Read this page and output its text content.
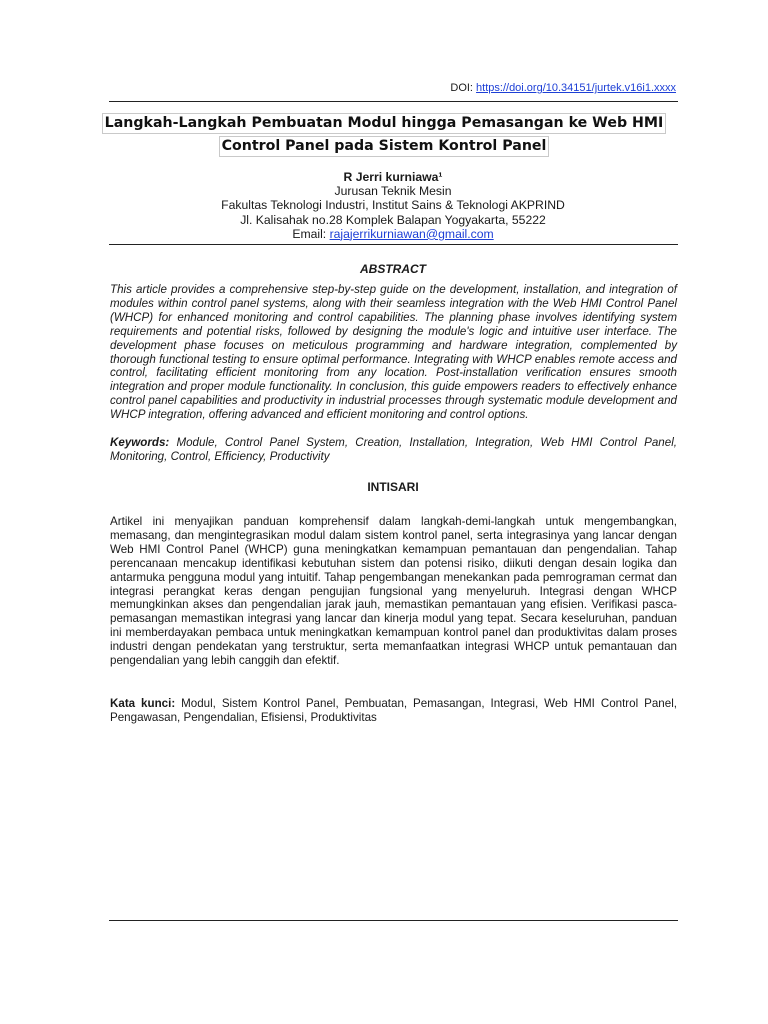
DOI: https://doi.org/10.34151/jurtek.v16i1.xxxx
Langkah-Langkah Pembuatan Modul hingga Pemasangan ke Web HMI
Control Panel pada Sistem Kontrol Panel
R Jerri kurniawa¹
Jurusan Teknik Mesin
Fakultas Teknologi Industri, Institut Sains & Teknologi AKPRIND
Jl. Kalisahak no.28 Komplek Balapan Yogyakarta, 55222
Email: rajajerrikurniawan@gmail.com
ABSTRACT
This article provides a comprehensive step-by-step guide on the development, installation, and integration of modules within control panel systems, along with their seamless integration with the Web HMI Control Panel (WHCP) for enhanced monitoring and control capabilities. The planning phase involves identifying system requirements and potential risks, followed by designing the module's logic and intuitive user interface. The development phase focuses on meticulous programming and hardware integration, complemented by thorough functional testing to ensure optimal performance. Integrating with WHCP enables remote access and control, facilitating efficient monitoring from any location. Post-installation verification ensures smooth integration and proper module functionality. In conclusion, this guide empowers readers to effectively enhance control panel capabilities and productivity in industrial processes through systematic module development and WHCP integration, offering advanced and efficient monitoring and control options.
Keywords: Module, Control Panel System, Creation, Installation, Integration, Web HMI Control Panel, Monitoring, Control, Efficiency, Productivity
INTISARI
Artikel ini menyajikan panduan komprehensif dalam langkah-demi-langkah untuk mengembangkan, memasang, dan mengintegrasikan modul dalam sistem kontrol panel, serta integrasinya yang lancar dengan Web HMI Control Panel (WHCP) guna meningkatkan kemampuan pemantauan dan pengendalian. Tahap perencanaan mencakup identifikasi kebutuhan sistem dan potensi risiko, diikuti dengan desain logika dan antarmuka pengguna modul yang intuitif. Tahap pengembangan menekankan pada pemrograman cermat dan integrasi perangkat keras dengan pengujian fungsional yang menyeluruh. Integrasi dengan WHCP memungkinkan akses dan pengendalian jarak jauh, memastikan pemantauan yang efisien. Verifikasi pasca-pemasangan memastikan integrasi yang lancar dan kinerja modul yang tepat. Secara keseluruhan, panduan ini memberdayakan pembaca untuk meningkatkan kemampuan kontrol panel dan produktivitas dalam proses industri dengan pendekatan yang terstruktur, serta memanfaatkan integrasi WHCP untuk pemantauan dan pengendalian yang lebih canggih dan efektif.
Kata kunci: Modul, Sistem Kontrol Panel, Pembuatan, Pemasangan, Integrasi, Web HMI Control Panel, Pengawasan, Pengendalian, Efisiensi, Produktivitas
